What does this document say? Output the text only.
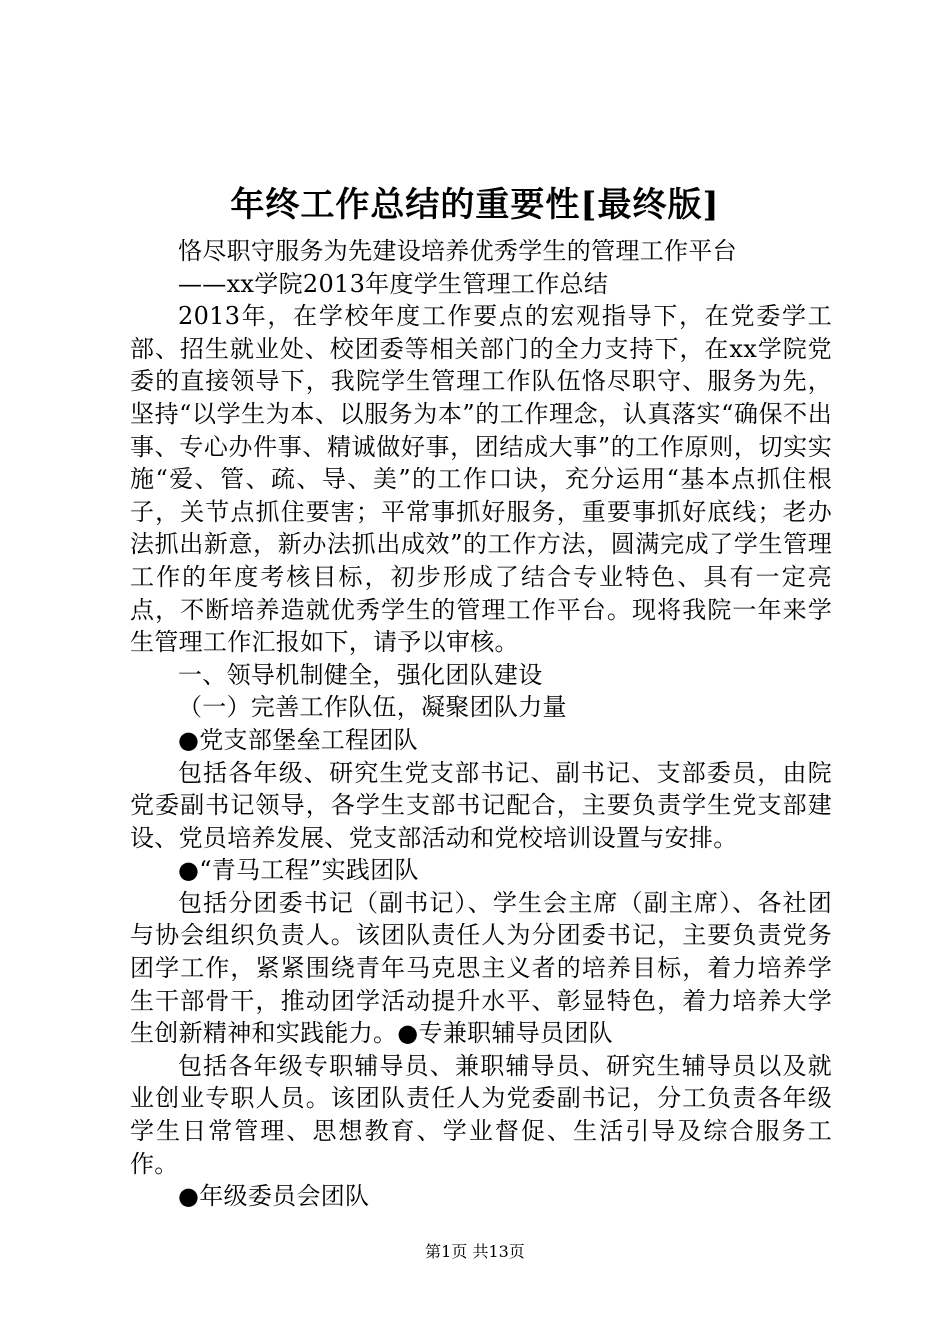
年终工作总结的重要性[最终版]

恪尽职守服务为先建设培养优秀学生的管理工作平台

——xx学院2013年度学生管理工作总结

2013年，在学校年度工作要点的宏观指导下，在党委学工部、招生就业处、校团委等相关部门的全力支持下，在xx学院党委的直接领导下，我院学生管理工作队伍恪尽职守、服务为先，坚持“以学生为本、以服务为本”的工作理念，认真落实“确保不出事、专心办件事、精诚做好事，团结成大事”的工作原则，切实实施“爱、管、疏、导、美”的工作口诀，充分运用“基本点抓住根子，关节点抓住要害；平常事抓好服务，重要事抓好底线；老办法抓出新意，新办法抓出成效”的工作方法，圆满完成了学生管理工作的年度考核目标，初步形成了结合专业特色、具有一定亮点，不断培养造就优秀学生的管理工作平台。现将我院一年来学生管理工作汇报如下，请予以审核。

一、领导机制健全，强化团队建设

（一）完善工作队伍，凝聚团队力量

●党支部堡垒工程团队

包括各年级、研究生党支部书记、副书记、支部委员，由院党委副书记领导，各学生支部书记配合，主要负责学生党支部建设、党员培养发展、党支部活动和党校培训设置与安排。

●“青马工程”实践团队

包括分团委书记（副书记）、学生会主席（副主席）、各社团与协会组织负责人。该团队责任人为分团委书记，主要负责党务团学工作，紧紧围绕青年马克思主义者的培养目标，着力培养学生干部骨干，推动团学活动提升水平、彰显特色，着力培养大学生创新精神和实践能力。●专兼职辅导员团队

包括各年级专职辅导员、兼职辅导员、研究生辅导员以及就业创业专职人员。该团队责任人为党委副书记，分工负责各年级学生日常管理、思想教育、学业督促、生活引导及综合服务工作。

●年级委员会团队

第1页 共13页
